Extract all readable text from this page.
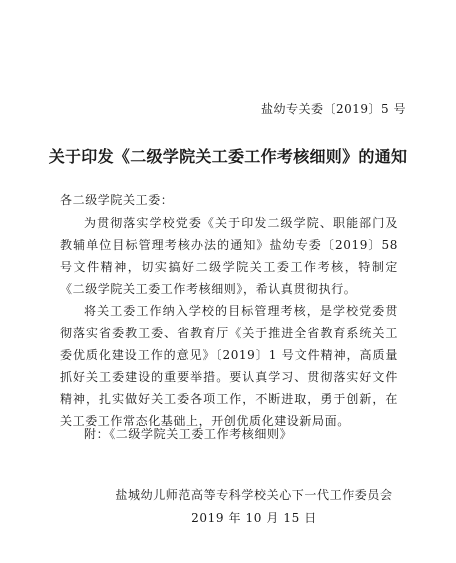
盐幼专关委〔2019〕5 号
关于印发《二级学院关工委工作考核细则》的通知
各二级学院关工委：

为贯彻落实学校党委《关于印发二级学院、职能部门及教辅单位目标管理考核办法的通知》盐幼专委〔2019〕58 号文件精神，切实搞好二级学院关工委工作考核，特制定《二级学院关工委工作考核细则》，希认真贯彻执行。

将关工委工作纳入学校的目标管理考核，是学校党委贯彻落实省委教工委、省教育厅《关于推进全省教育系统关工委优质化建设工作的意见》〔2019〕1 号文件精神，高质量抓好关工委建设的重要举措。要认真学习、贯彻落实好文件精神，扎实做好关工委各项工作，不断进取，勇于创新，在关工委工作常态化基础上，开创优质化建设新局面。

附：《二级学院关工委工作考核细则》
盐城幼儿师范高等专科学校关心下一代工作委员会
2019 年 10 月 15 日
